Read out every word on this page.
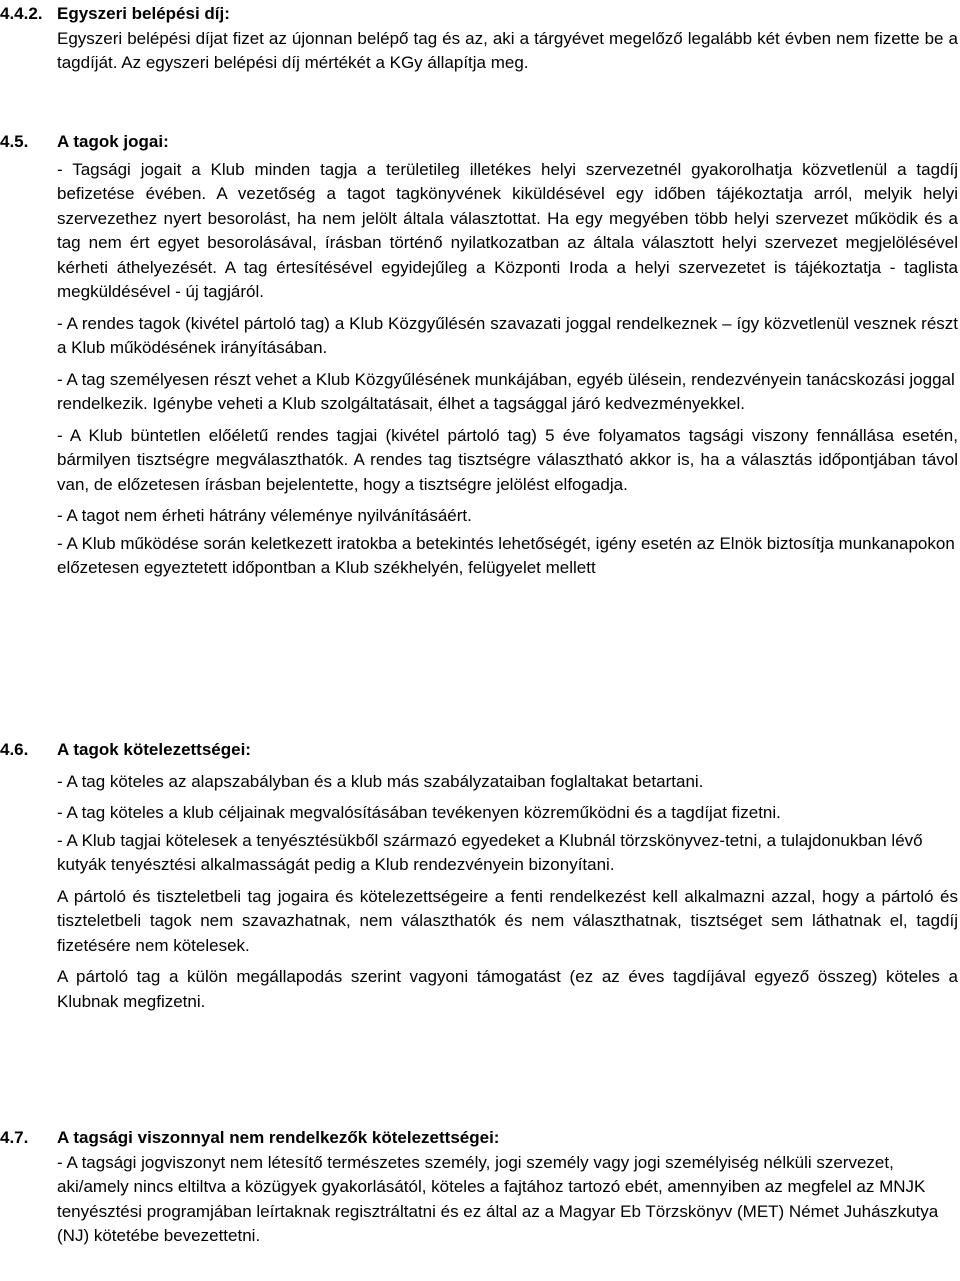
4.4.2. Egyszeri belépési díj:

Egyszeri belépési díjat fizet az újonnan belépő tag és az, aki a tárgyévet megelőző legalább két évben nem fizette be a tagdíját. Az egyszeri belépési díj mértékét a KGy állapítja meg.

4.5. A tagok jogai:

- Tagsági jogait a Klub minden tagja a területileg illetékes helyi szervezetnél gyakorolhatja közvetlenül a tagdíj befizetése évében. A vezetőség a tagot tagkönyvének kiküldésével egy időben tájékoztatja arról, melyik helyi szervezethez nyert besorolást, ha nem jelölt általa választottat. Ha egy megyében több helyi szervezet működik és a tag nem ért egyet besorolásával, írásban történő nyilatkozatban az általa választott helyi szervezet megjelölésével kérheti áthelyezését. A tag értesítésével egyidejűleg a Központi Iroda a helyi szervezetet is tájékoztatja - taglista megküldésével - új tagjáról.

- A rendes tagok (kivétel pártoló tag) a Klub Közgyűlésén szavazati joggal rendelkeznek – így közvetlenül vesznek részt a Klub működésének irányításában.

- A tag személyesen részt vehet a Klub Közgyűlésének munkájában, egyéb ülésein, rendezvényein tanácskozási joggal rendelkezik. Igénybe veheti a Klub szolgáltatásait, élhet a tagsággal járó kedvezményekkel.

- A Klub büntetlen előéletű rendes tagjai (kivétel pártoló tag) 5 éve folyamatos tagsági viszony fennállása esetén, bármilyen tisztségre megválaszthatók. A rendes tag tisztségre választható akkor is, ha a választás időpontjában távol van, de előzetesen írásban bejelentette, hogy a tisztségre jelölést elfogadja.

- A tagot nem érheti hátrány véleménye nyilvánításáért.

- A Klub működése során keletkezett iratokba a betekintés lehetőségét, igény esetén az Elnök biztosítja munkanapokon előzetesen egyeztetett időpontban a Klub székhelyén, felügyelet mellett

4.6. A tagok kötelezettségei:

- A tag köteles az alapszabályban és a klub más szabályzataiban foglaltakat betartani.

- A tag köteles a klub céljainak megvalósításában tevékenyen közreműködni és a tagdíjat fizetni.

- A Klub tagjai kötelesek a tenyésztésükből származó egyedeket a Klubnál törzskönyvez-tetni, a tulajdonukban lévő kutyák tenyésztési alkalmasságát pedig a Klub rendezvényein bizonyítani.

A pártoló és tiszteletbeli tag jogaira és kötelezettségeire a fenti rendelkezést kell alkalmazni azzal, hogy a pártoló és tiszteletbeli tagok nem szavazhatnak, nem választhatók és nem választhatnak, tisztséget sem láthatnak el, tagdíj fizetésére nem kötelesek.

A pártoló tag a külön megállapodás szerint vagyoni támogatást (ez az éves tagdíjával egyező összeg) köteles a Klubnak megfizetni.

4.7. A tagsági viszonnyal nem rendelkezők kötelezettségei:

- A tagsági jogviszonyt nem létesítő természetes személy, jogi személy vagy jogi személyiség nélküli szervezet, aki/amely nincs eltiltva a közügyek gyakorlásától, köteles a fajtához tartozó ebét, amennyiben az megfelel az MNJK tenyésztési programjában leírtaknak regisztráltatni és ez által az a Magyar Eb Törzskönyv (MET) Német Juhászkutya (NJ) kötetébe bevezettetni.
